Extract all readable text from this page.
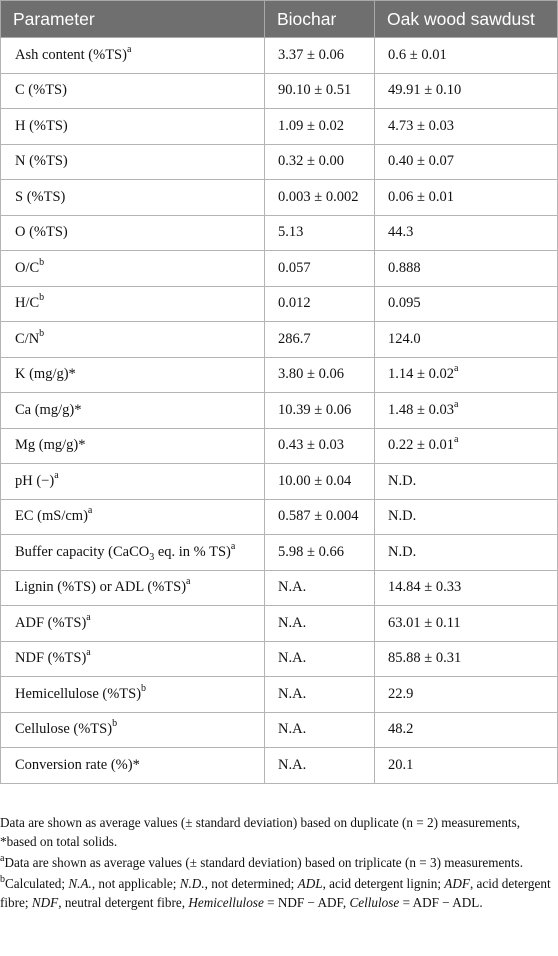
Parameter	Biochar	Oak wood sawdust
Ash content $(\%TS)^a$	3.37 ± 0.06	0.6 ± 0.01
C (%TS)	90.10 ± 0.51	49.91 ± 0.10
H (%TS)	1.09 ± 0.02	4.73 ± 0.03
N (%TS)	0.32 ± 0.00	0.40 ± 0.07
S (%TS)	0.003 ± 0.002	0.06 ± 0.01
O (%TS)	5.13	44.3
$O/C^b$	0.057	0.888
$H/C^b$	0.012	0.095
$C/N^b$	286.7	124.0
K (mg/g)*	3.80 ± 0.06	1.14 ± 0.02$^a$
Ca (mg/g)*	10.39 ± 0.06	1.48 ± 0.03$^a$
Mg (mg/g)*	0.43 ± 0.03	0.22 ± 0.01$^a$
pH $(-)^a$	10.00 ± 0.04	N.D.
EC $(mS/cm)^a$	0.587 ± 0.004	N.D.
Buffer capacity (CaCO$_3$ eq. in % TS)$^a$	5.98 ± 0.66	N.D.
Lignin (%TS) or ADL $(\%TS)^a$	N.A.	14.84 ± 0.33
ADF $(\%TS)^a$	N.A.	63.01 ± 0.11
NDF $(\%TS)^a$	N.A.	85.88 ± 0.31
Hemicellulose $(\%TS)^b$	N.A.	22.9
Cellulose $(\%TS)^b$	N.A.	48.2
Conversion rate (%)*	N.A.	20.1

Data are shown as average values (± standard deviation) based on duplicate (n = 2) measurements, *based on total solids.

$^a$Data are shown as average values (± standard deviation) based on triplicate (n = 3) measurements.

$^b$Calculated; N.A., not applicable; N.D., not determined; ADL, acid detergent lignin; ADF, acid detergent fibre; NDF, neutral detergent fibre, Hemicellulose = NDF − ADF, Cellulose = ADF − ADL.
